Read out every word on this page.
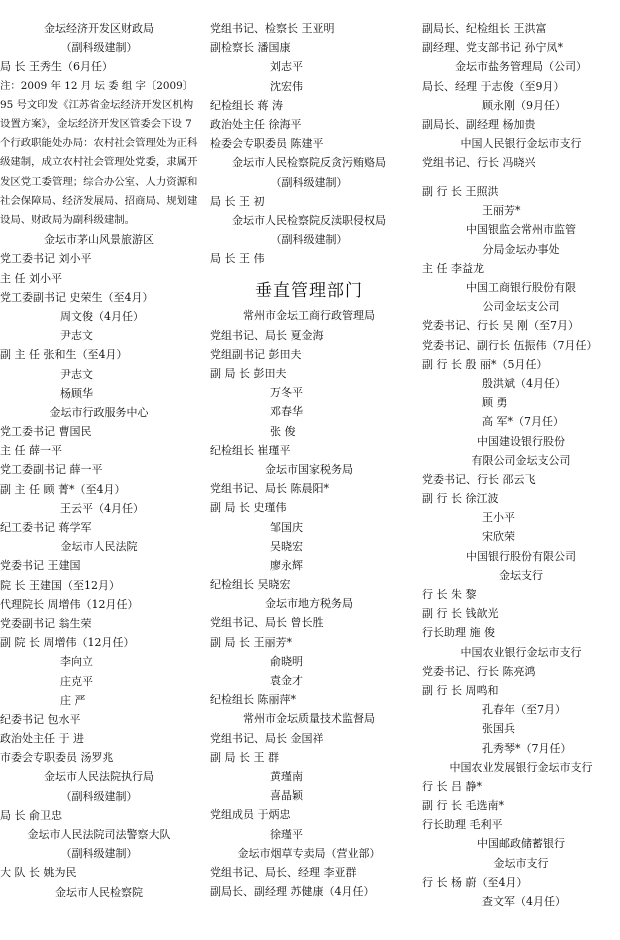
金坛经济开发区财政局
（副科级建制）
局 长 王秀生（6月任）
注：2009 年 12 月 坛 委 组 字〔2009〕95 号文印发《江苏省金坛经济开发区机构设置方案》，金坛经济开发区管委会下设 7 个行政职能处办局：农村社会管理处为正科级建制，成立农村社会管理处党委，隶属开发区党工委管理；综合办公室、人力资源和社会保障局、经济发展局、招商局、规划建设局、财政局为副科级建制。
金坛市茅山风景旅游区
党工委书记 刘小平
主 任 刘小平
党工委副书记 史荣生（至4月）
周文俊（4月任）
尹志文
副 主 任 张和生（至4月）
尹志文
杨顾华
金坛市行政服务中心
党工委书记 曹国民
主 任 薛一平
党工委副书记 薛一平
副 主 任 顾 菁*（至4月）
王云平（4月任）
纪工委书记 蒋学军
金坛市人民法院
党委书记 王建国
院 长 王建国（至12月）
代理院长 周增伟（12月任）
党委副书记 翁生荣
副 院 长 周增伟（12月任）
李向立
庄克平
庄 严
纪委书记 包水平
政治处主任 于 进
市委会专职委员 汤罗兆
金坛市人民法院执行局
（副科级建制）
局 长 俞卫忠
金坛市人民法院司法警察大队
（副科级建制）
大 队 长 姚为民
金坛市人民检察院
党组书记、检察长 王亚明
副检察长 潘国康
刘志平
沈宏伟
纪检组长 蒋 涛
政治处主任 徐海平
检委会专职委员 陈建平
金坛市人民检察院反贪污贿赂局
（副科级建制）
局 长 王 初
金坛市人民检察院反渎职侵权局
（副科级建制）
局 长 王 伟
垂直管理部门
常州市金坛工商行政管理局
党组书记、局长 夏金海
党组副书记 彭田夫
副 局 长 彭田夫
万冬平
邓春华
张 俊
纪检组长 崔瑾平
金坛市国家税务局
党组书记、局长 陈晨阳*
副 局 长 史瑾伟
邹国庆
吴晓宏
廖永辉
纪检组长 吴晓宏
金坛市地方税务局
党组书记、局长 曾长胜
副 局 长 王丽芳*
俞晓明
袁金才
纪检组长 陈丽萍*
常州市金坛质量技术监督局
党组书记、局长 金国祥
副 局 长 王 群
黄瑾南
喜晶颖
党组成员 于炳忠
徐瑾平
金坛市烟草专卖局（营业部）
党组书记、局长、经理 李亚群
副局长、副经理 苏健康（4月任）
副局长、纪检组长 王洪富
副经理、党支部书记 孙宁凤*
金坛市盐务管理局（公司）
局长、经理 于志俊（至9月）
顾永刚（9月任）
副局长、副经理 杨加贵
中国人民银行金坛市支行
党组书记、行长 冯晓兴
副 行 长 王照洪
王丽芳*
中国银监会常州市监管
分局金坛办事处
主 任 李益龙
中国工商银行股份有限
公司金坛支公司
党委书记、行长 吴 刚（至7月）
党委书记、副行长 伍振伟（7月任）
副 行 长 殷 丽*（5月任）
殷洪斌（4月任）
顾 勇
高 军*（7月任）
中国建设银行股份
有限公司金坛支公司
党委书记、行长 邵云飞
副 行 长 徐江波
王小平
宋欣荣
中国银行股份有限公司
金坛支行
行 长 朱 黎
副 行 长 钱歆光
行长助理 施 俊
中国农业银行金坛市支行
党委书记、行长 陈亮鸿
副 行 长 周鸣和
孔春年（至7月）
张国兵
孔秀琴*（7月任）
中国农业发展银行金坛市支行
行 长 吕 静*
副 行 长 毛选南*
行长助理 毛利平
中国邮政储蓄银行
金坛市支行
行 长 杨 蔚（至4月）
查文军（4月任）
